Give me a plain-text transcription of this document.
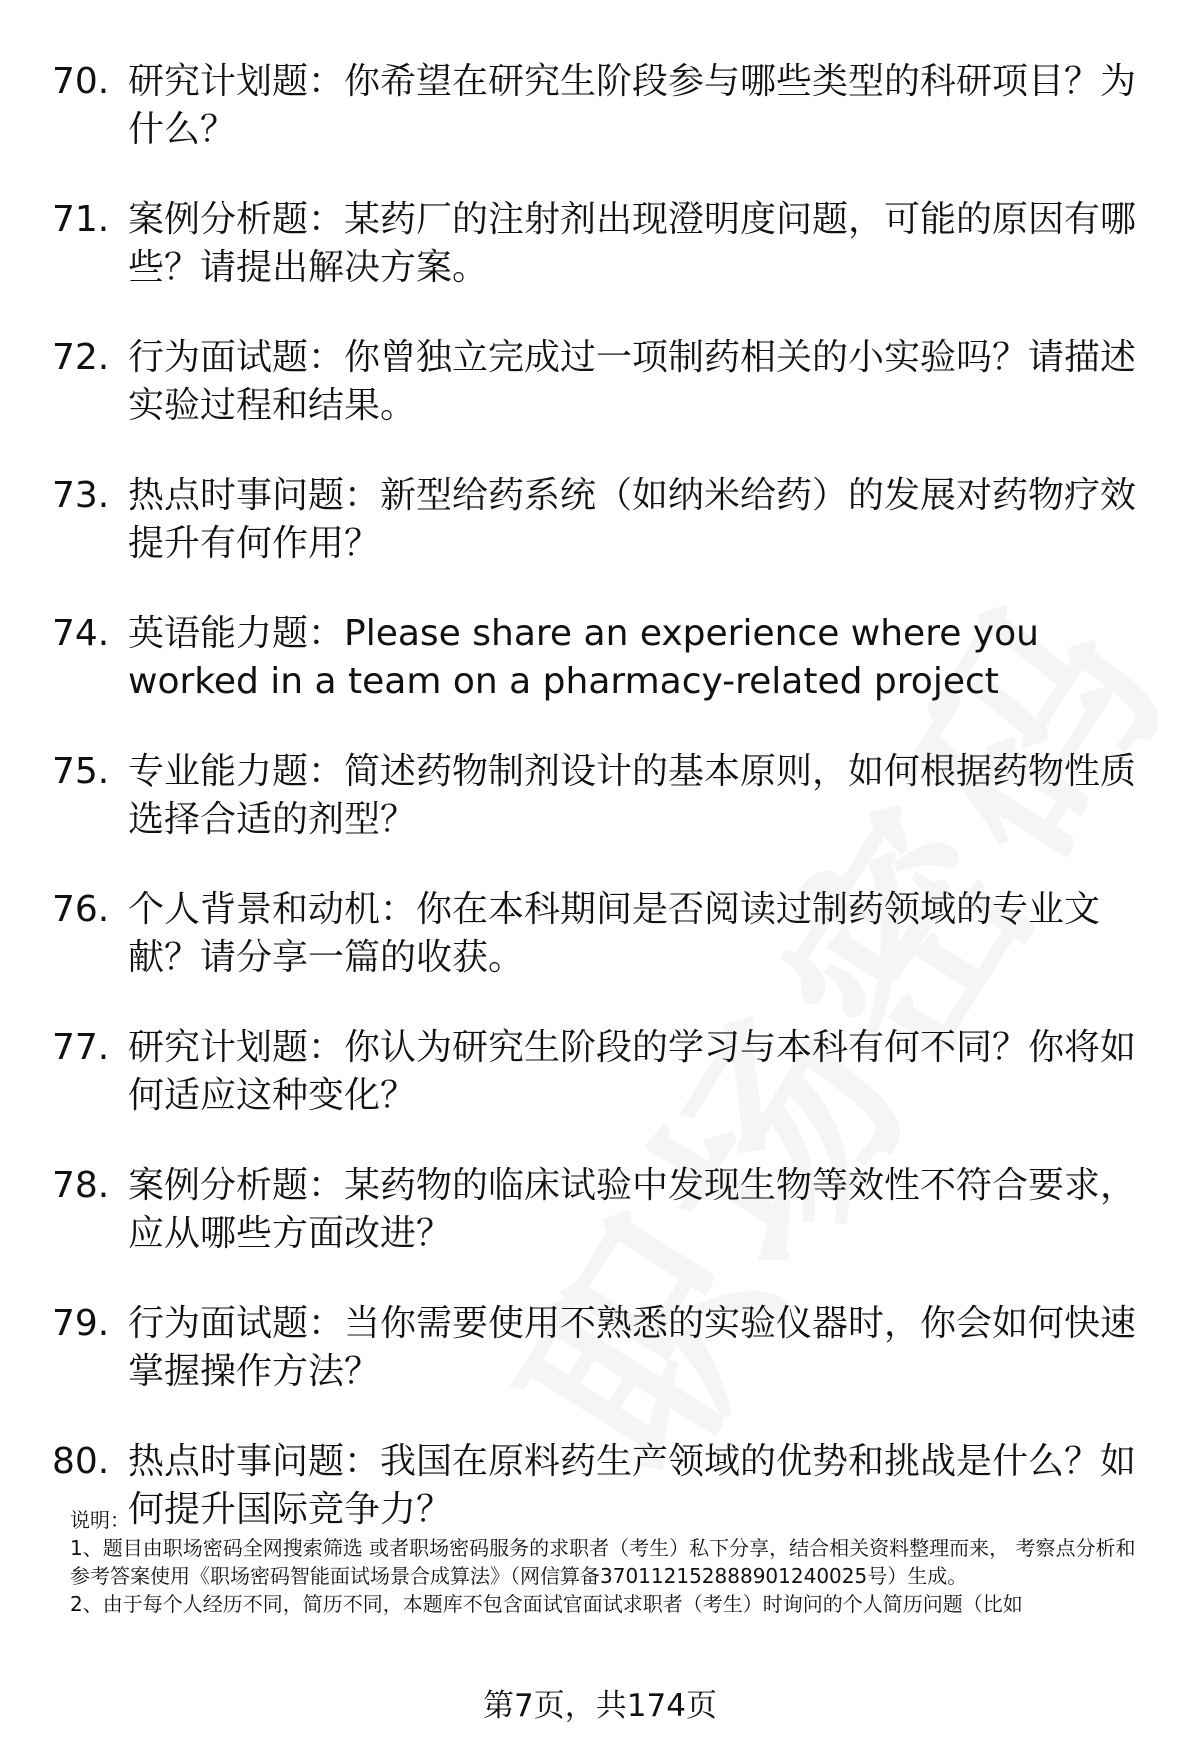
70. 研究计划题：你希望在研究生阶段参与哪些类型的科研项目？为什么？
71. 案例分析题：某药厂的注射剂出现澄明度问题，可能的原因有哪些？请提出解决方案。
72. 行为面试题：你曾独立完成过一项制药相关的小实验吗？请描述实验过程和结果。
73. 热点时事问题：新型给药系统（如纳米给药）的发展对药物疗效提升有何作用？
74. 英语能力题：Please share an experience where you worked in a team on a pharmacy-related project
75. 专业能力题：简述药物制剂设计的基本原则，如何根据药物性质选择合适的剂型？
76. 个人背景和动机：你在本科期间是否阅读过制药领域的专业文献？请分享一篇的收获。
77. 研究计划题：你认为研究生阶段的学习与本科有何不同？你将如何适应这种变化？
78. 案例分析题：某药物的临床试验中发现生物等效性不符合要求，应从哪些方面改进？
79. 行为面试题：当你需要使用不熟悉的实验仪器时，你会如何快速掌握操作方法？
80. 热点时事问题：我国在原料药生产领域的优势和挑战是什么？如何提升国际竞争力？

说明：

1、题目由职场密码全网搜索筛选 或者职场密码服务的求职者（考生）私下分享，结合相关资料整理而来， 考察点分析和参考答案使用《职场密码智能面试场景合成算法》（网信算备370112152888901240025号）生成。

2、由于每个人经历不同，简历不同，本题库不包含面试官面试求职者（考生）时询问的个人简历问题（比如

第7页，共174页
